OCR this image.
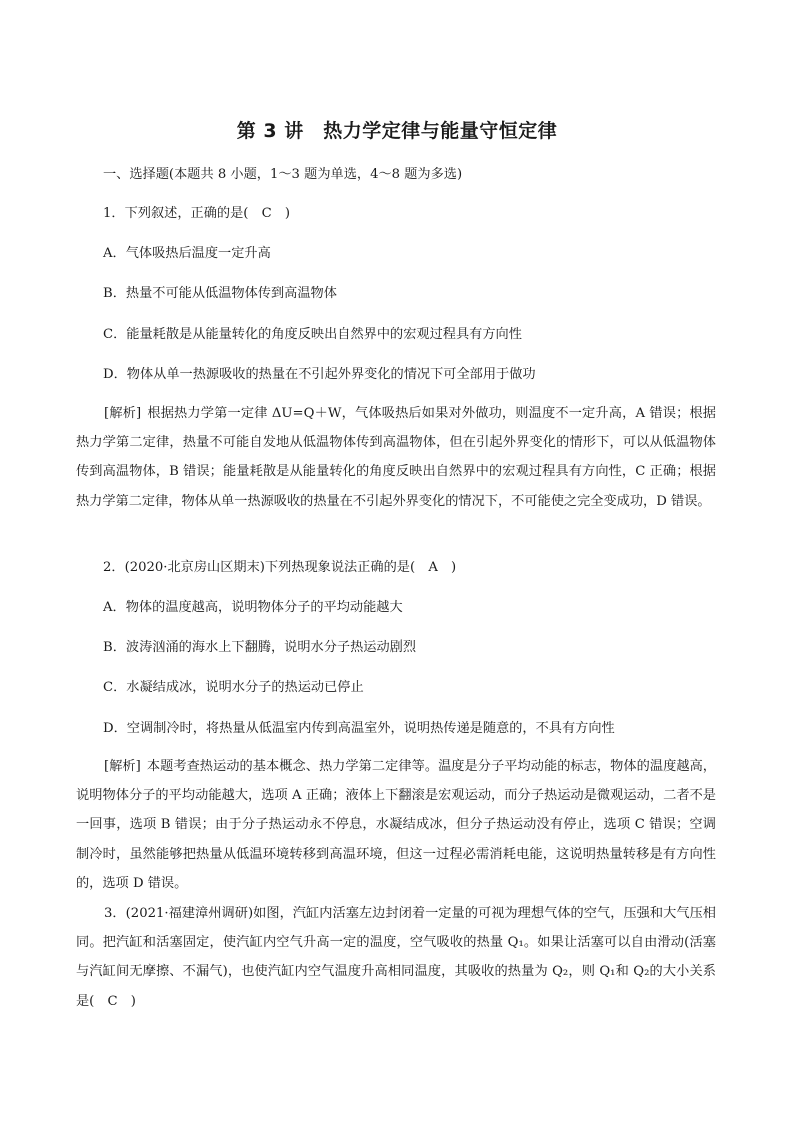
第 3 讲　热力学定律与能量守恒定律
一、选择题(本题共 8 小题，1～3 题为单选，4～8 题为多选)
1．下列叙述，正确的是(　C　)
A．气体吸热后温度一定升高
B．热量不可能从低温物体传到高温物体
C．能量耗散是从能量转化的角度反映出自然界中的宏观过程具有方向性
D．物体从单一热源吸收的热量在不引起外界变化的情况下可全部用于做功
[解析] 根据热力学第一定律 ΔU=Q＋W，气体吸热后如果对外做功，则温度不一定升高，A 错误；根据热力学第二定律，热量不可能自发地从低温物体传到高温物体，但在引起外界变化的情形下，可以从低温物体传到高温物体，B 错误；能量耗散是从能量转化的角度反映出自然界中的宏观过程具有方向性，C 正确；根据热力学第二定律，物体从单一热源吸收的热量在不引起外界变化的情况下，不可能使之完全变成功，D 错误。
2．(2020·北京房山区期末)下列热现象说法正确的是(　A　)
A．物体的温度越高，说明物体分子的平均动能越大
B．波涛汹涌的海水上下翻腾，说明水分子热运动剧烈
C．水凝结成冰，说明水分子的热运动已停止
D．空调制冷时，将热量从低温室内传到高温室外，说明热传递是随意的，不具有方向性
[解析] 本题考查热运动的基本概念、热力学第二定律等。温度是分子平均动能的标志，物体的温度越高，说明物体分子的平均动能越大，选项 A 正确；液体上下翻滚是宏观运动，而分子热运动是微观运动，二者不是一回事，选项 B 错误；由于分子热运动永不停息，水凝结成冰，但分子热运动没有停止，选项 C 错误；空调制冷时，虽然能够把热量从低温环境转移到高温环境，但这一过程必需消耗电能，这说明热量转移是有方向性的，选项 D 错误。
3．(2021·福建漳州调研)如图，汽缸内活塞左边封闭着一定量的可视为理想气体的空气，压强和大气压相同。把汽缸和活塞固定，使汽缸内空气升高一定的温度，空气吸收的热量 Q₁。如果让活塞可以自由滑动(活塞与汽缸间无摩擦、不漏气)，也使汽缸内空气温度升高相同温度，其吸收的热量为 Q₂，则 Q₁和 Q₂的大小关系是(　C　)
